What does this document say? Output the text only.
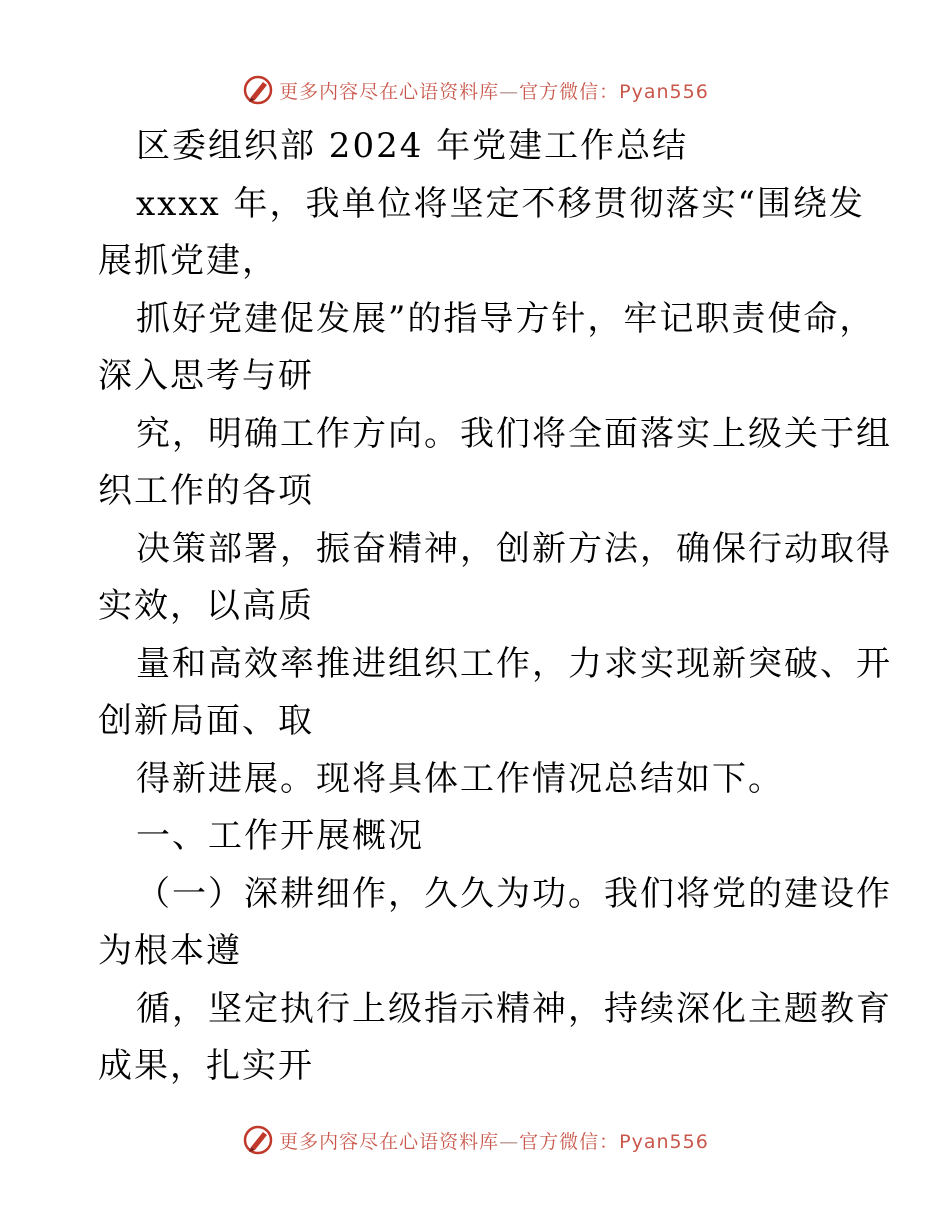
更多内容尽在心语资料库—官方微信：Pyan556
区委组织部 2024 年党建工作总结
xxxx 年，我单位将坚定不移贯彻落实“围绕发
展抓党建，
抓好党建促发展”的指导方针，牢记职责使命，
深入思考与研
究，明确工作方向。我们将全面落实上级关于组
织工作的各项
决策部署，振奋精神，创新方法，确保行动取得
实效，以高质
量和高效率推进组织工作，力求实现新突破、开
创新局面、取
得新进展。现将具体工作情况总结如下。
一、工作开展概况
（一）深耕细作，久久为功。我们将党的建设作
为根本遵
循，坚定执行上级指示精神，持续深化主题教育
成果，扎实开
更多内容尽在心语资料库—官方微信：Pyan556
